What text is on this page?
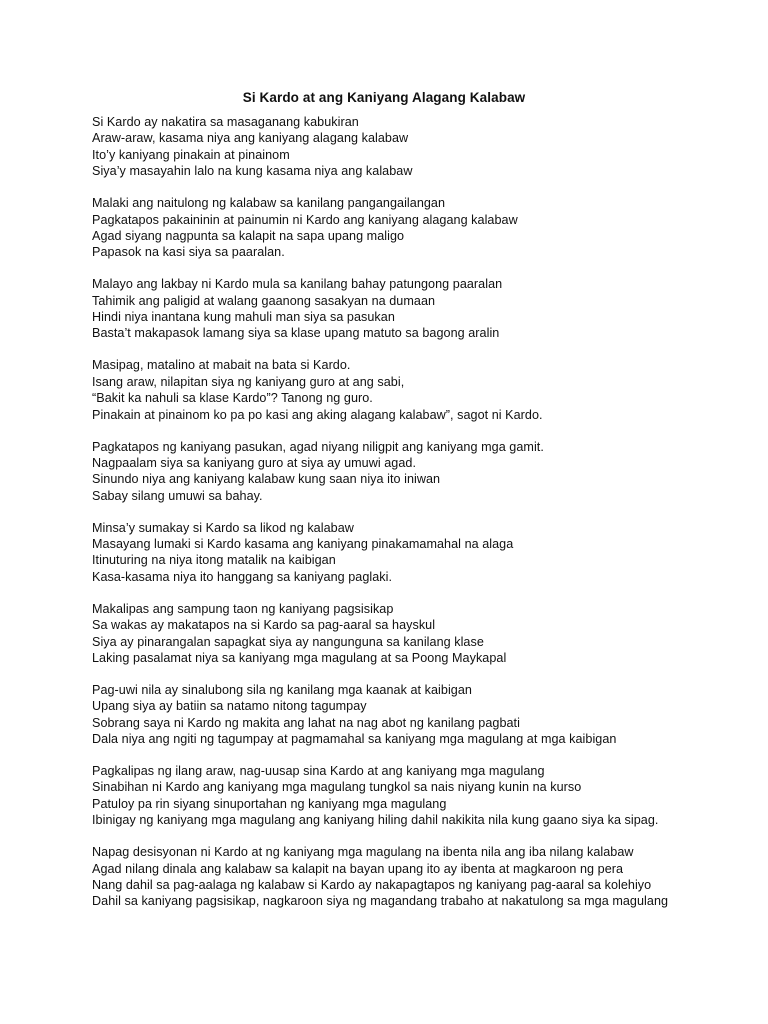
Si Kardo at ang Kaniyang Alagang Kalabaw
Si Kardo ay nakatira sa masaganang kabukiran
Araw-araw, kasama niya ang kaniyang alagang kalabaw
Ito’y kaniyang pinakain at pinainom
Siya’y masayahin lalo na kung kasama niya ang kalabaw
Malaki ang naitulong ng kalabaw sa kanilang pangangailangan
Pagkatapos pakaininin at painumin ni Kardo ang kaniyang alagang kalabaw
Agad siyang nagpunta sa kalapit na sapa upang maligo
Papasok na kasi siya sa paaralan.
Malayo ang lakbay ni Kardo mula sa kanilang bahay patungong paaralan
Tahimik ang paligid at walang gaanong sasakyan na dumaan
Hindi niya inantana kung mahuli man siya sa pasukan
Basta’t makapasok lamang siya sa klase upang matuto sa bagong aralin
Masipag, matalino at mabait na bata si Kardo.
Isang araw, nilapitan siya ng kaniyang guro at ang sabi,
“Bakit ka nahuli sa klase Kardo”? Tanong ng guro.
Pinakain at pinainom ko pa po kasi ang aking alagang kalabaw”, sagot ni Kardo.
Pagkatapos ng kaniyang pasukan, agad niyang niligpit ang kaniyang mga gamit.
Nagpaalam siya sa kaniyang guro at siya ay umuwi agad.
Sinundo niya ang kaniyang kalabaw kung saan niya ito iniwan
Sabay silang umuwi sa bahay.
Minsa’y sumakay si Kardo sa likod ng kalabaw
Masayang lumaki si Kardo kasama ang kaniyang pinakamamahal na alaga
Itinuturing na niya itong matalik na kaibigan
Kasa-kasama niya ito hanggang sa kaniyang paglaki.
Makalipas ang sampung taon ng kaniyang pagsisikap
Sa wakas ay makatapos na si Kardo sa pag-aaral sa hayskul
Siya ay pinarangalan sapagkat siya ay nangunguna sa kanilang klase
Laking pasalamat niya sa kaniyang mga magulang at sa Poong Maykapal
Pag-uwi nila ay sinalubong sila ng kanilang mga kaanak at kaibigan
Upang siya ay batiin sa natamo nitong tagumpay
Sobrang saya ni Kardo ng makita ang lahat na nag abot ng kanilang pagbati
Dala niya ang ngiti ng tagumpay at pagmamahal sa kaniyang mga magulang at mga kaibigan
Pagkalipas ng ilang araw, nag-uusap sina Kardo at ang kaniyang mga magulang
Sinabihan ni Kardo ang kaniyang mga magulang tungkol sa nais niyang kunin na kurso
Patuloy pa rin siyang sinuportahan ng kaniyang mga magulang
Ibinigay ng kaniyang mga magulang ang kaniyang hiling dahil nakikita nila kung gaano siya ka sipag.
Napag desisyonan ni Kardo at ng kaniyang mga magulang na ibenta nila ang iba nilang kalabaw
Agad nilang dinala ang kalabaw sa kalapit na bayan upang ito ay ibenta at magkaroon ng pera
Nang dahil sa pag-aalaga ng kalabaw si Kardo ay nakapagtapos ng kaniyang pag-aaral sa kolehiyo
Dahil sa kaniyang pagsisikap, nagkaroon siya ng magandang trabaho at nakatulong sa mga magulang
